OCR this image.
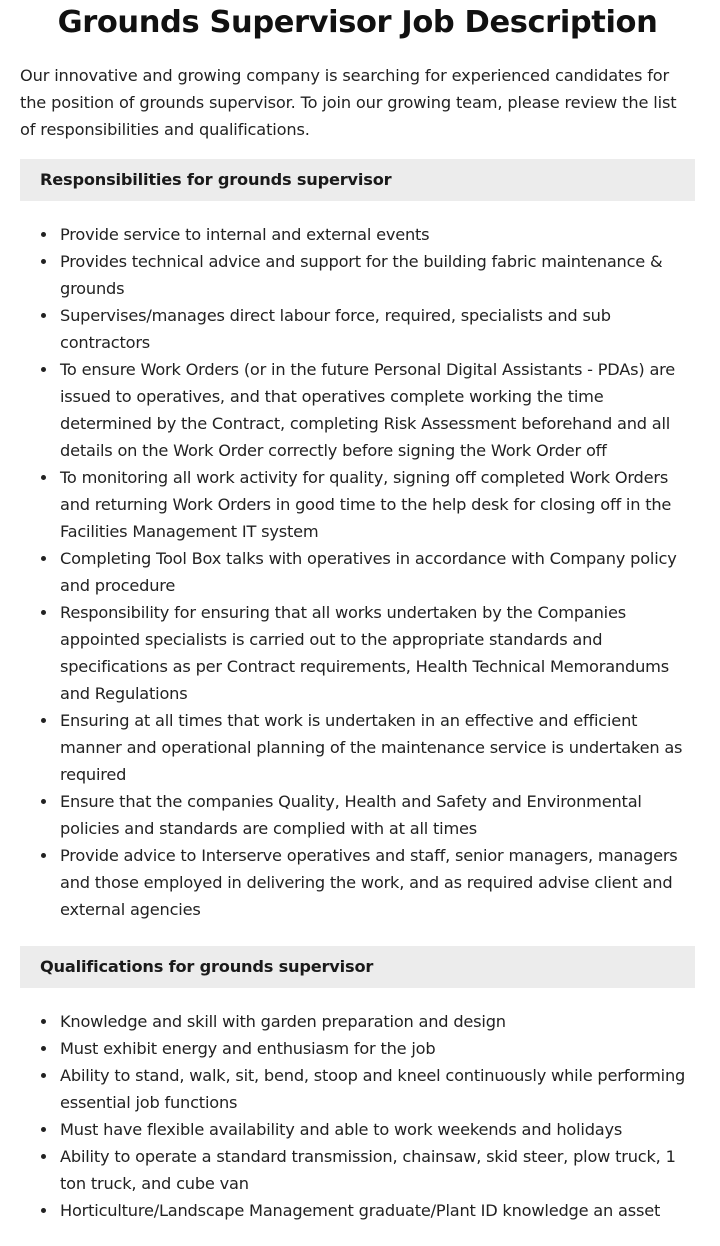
Grounds Supervisor Job Description

Our innovative and growing company is searching for experienced candidates for the position of grounds supervisor. To join our growing team, please review the list of responsibilities and qualifications.

Responsibilities for grounds supervisor
Provide service to internal and external events
Provides technical advice and support for the building fabric maintenance & grounds
Supervises/manages direct labour force, required, specialists and sub contractors
To ensure Work Orders (or in the future Personal Digital Assistants - PDAs) are issued to operatives, and that operatives complete working the time determined by the Contract, completing Risk Assessment beforehand and all details on the Work Order correctly before signing the Work Order off
To monitoring all work activity for quality, signing off completed Work Orders and returning Work Orders in good time to the help desk for closing off in the Facilities Management IT system
Completing Tool Box talks with operatives in accordance with Company policy and procedure
Responsibility for ensuring that all works undertaken by the Companies appointed specialists is carried out to the appropriate standards and specifications as per Contract requirements, Health Technical Memorandums and Regulations
Ensuring at all times that work is undertaken in an effective and efficient manner and operational planning of the maintenance service is undertaken as required
Ensure that the companies Quality, Health and Safety and Environmental policies and standards are complied with at all times
Provide advice to Interserve operatives and staff, senior managers, managers and those employed in delivering the work, and as required advise client and external agencies
Qualifications for grounds supervisor
Knowledge and skill with garden preparation and design
Must exhibit energy and enthusiasm for the job
Ability to stand, walk, sit, bend, stoop and kneel continuously while performing essential job functions
Must have flexible availability and able to work weekends and holidays
Ability to operate a standard transmission, chainsaw, skid steer, plow truck, 1 ton truck, and cube van
Horticulture/Landscape Management graduate/Plant ID knowledge an asset
